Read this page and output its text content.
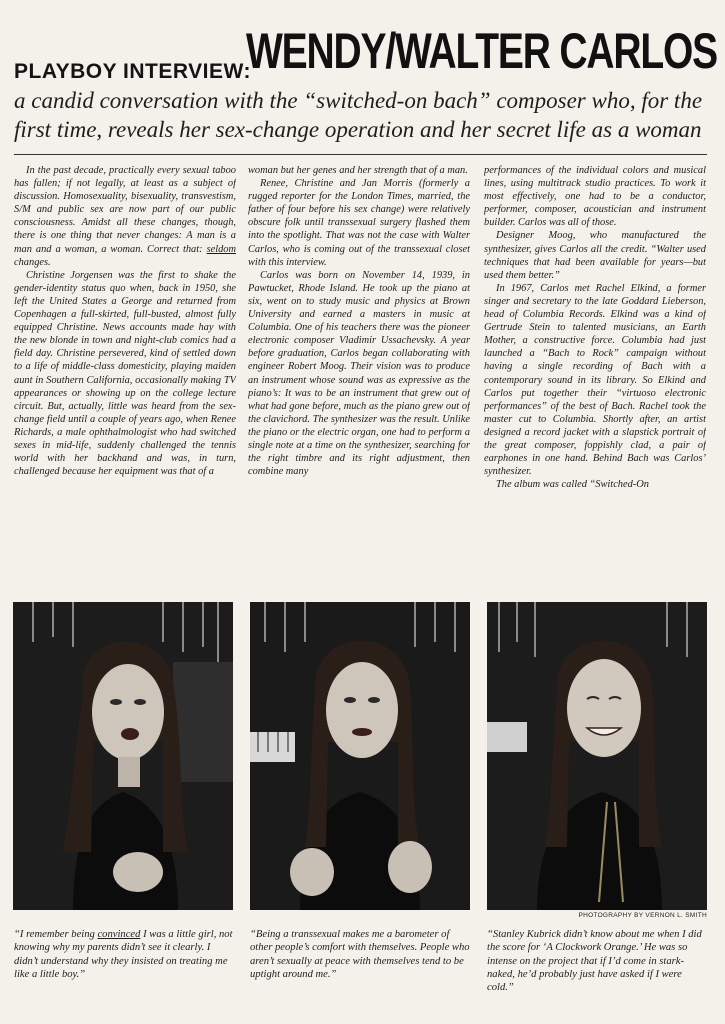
PLAYBOY INTERVIEW:
WENDY/WALTER CARLOS
a candid conversation with the “switched-on bach” composer who, for the first time, reveals her sex-change operation and her secret life as a woman

In the past decade, practically every sexual taboo has fallen; if not legally, at least as a subject of discussion. Homosexuality, bisexuality, transvestism, S/M and public sex are now part of our public consciousness. Amidst all these changes, though, there is one thing that never changes: A man is a man and a woman, a woman. Correct that: seldom changes.

Christine Jorgensen was the first to shake the gender-identity status quo when, back in 1950, she left the United States a George and returned from Copenhagen a full-skirted, full-busted, almost fully equipped Christine. News accounts made hay with the new blonde in town and night-club comics had a field day. Christine persevered, kind of settled down to a life of middle-class domesticity, playing maiden aunt in Southern California, occasionally making TV appearances or showing up on the college lecture circuit. But, actually, little was heard from the sex-change field until a couple of years ago, when Renee Richards, a male ophthalmologist who had switched sexes in mid-life, suddenly challenged the tennis world with her backhand and was, in turn, challenged because her equipment was that of a

woman but her genes and her strength that of a man.

Renee, Christine and Jan Morris (formerly a rugged reporter for the London Times, married, the father of four before his sex change) were relatively obscure folk until transsexual surgery flashed them into the spotlight. That was not the case with Walter Carlos, who is coming out of the transsexual closet with this interview.

Carlos was born on November 14, 1939, in Pawtucket, Rhode Island. He took up the piano at six, went on to study music and physics at Brown University and earned a masters in music at Columbia. One of his teachers there was the pioneer electronic composer Vladimir Ussachevsky. A year before graduation, Carlos began collaborating with engineer Robert Moog. Their vision was to produce an instrument whose sound was as expressive as the piano’s: It was to be an instrument that grew out of what had gone before, much as the piano grew out of the clavichord. The synthesizer was the result. Unlike the piano or the electric organ, one had to perform a single note at a time on the synthesizer, searching for the right timbre and its right adjustment, then combine many

performances of the individual colors and musical lines, using multitrack studio practices. To work it most effectively, one had to be a conductor, performer, composer, acoustician and instrument builder. Carlos was all of those.

Designer Moog, who manufactured the synthesizer, gives Carlos all the credit. “Walter used techniques that had been available for years—but used them better.”

In 1967, Carlos met Rachel Elkind, a former singer and secretary to the late Goddard Lieberson, head of Columbia Records. Elkind was a kind of Gertrude Stein to talented musicians, an Earth Mother, a constructive force. Columbia had just launched a “Bach to Rock” campaign without having a single recording of Bach with a contemporary sound in its library. So Elkind and Carlos put together their “virtuoso electronic performances” of the best of Bach. Rachel took the master cut to Columbia. Shortly after, an artist designed a record jacket with a slapstick portrait of the great composer, foppishly clad, a pair of earphones in one hand. Behind Bach was Carlos’ synthesizer.

The album was called “Switched-On

PHOTOGRAPHY BY VERNON L. SMITH
“I remember being convinced I was a little girl, not knowing why my parents didn’t see it clearly. I didn’t understand why they insisted on treating me like a little boy.”
“Being a transsexual makes me a barometer of other people’s comfort with themselves. People who aren’t sexually at peace with themselves tend to be uptight around me.”
“Stanley Kubrick didn’t know about me when I did the score for ‘A Clockwork Orange.’ He was so intense on the project that if I’d come in stark-naked, he’d probably just have asked if I were cold.”
